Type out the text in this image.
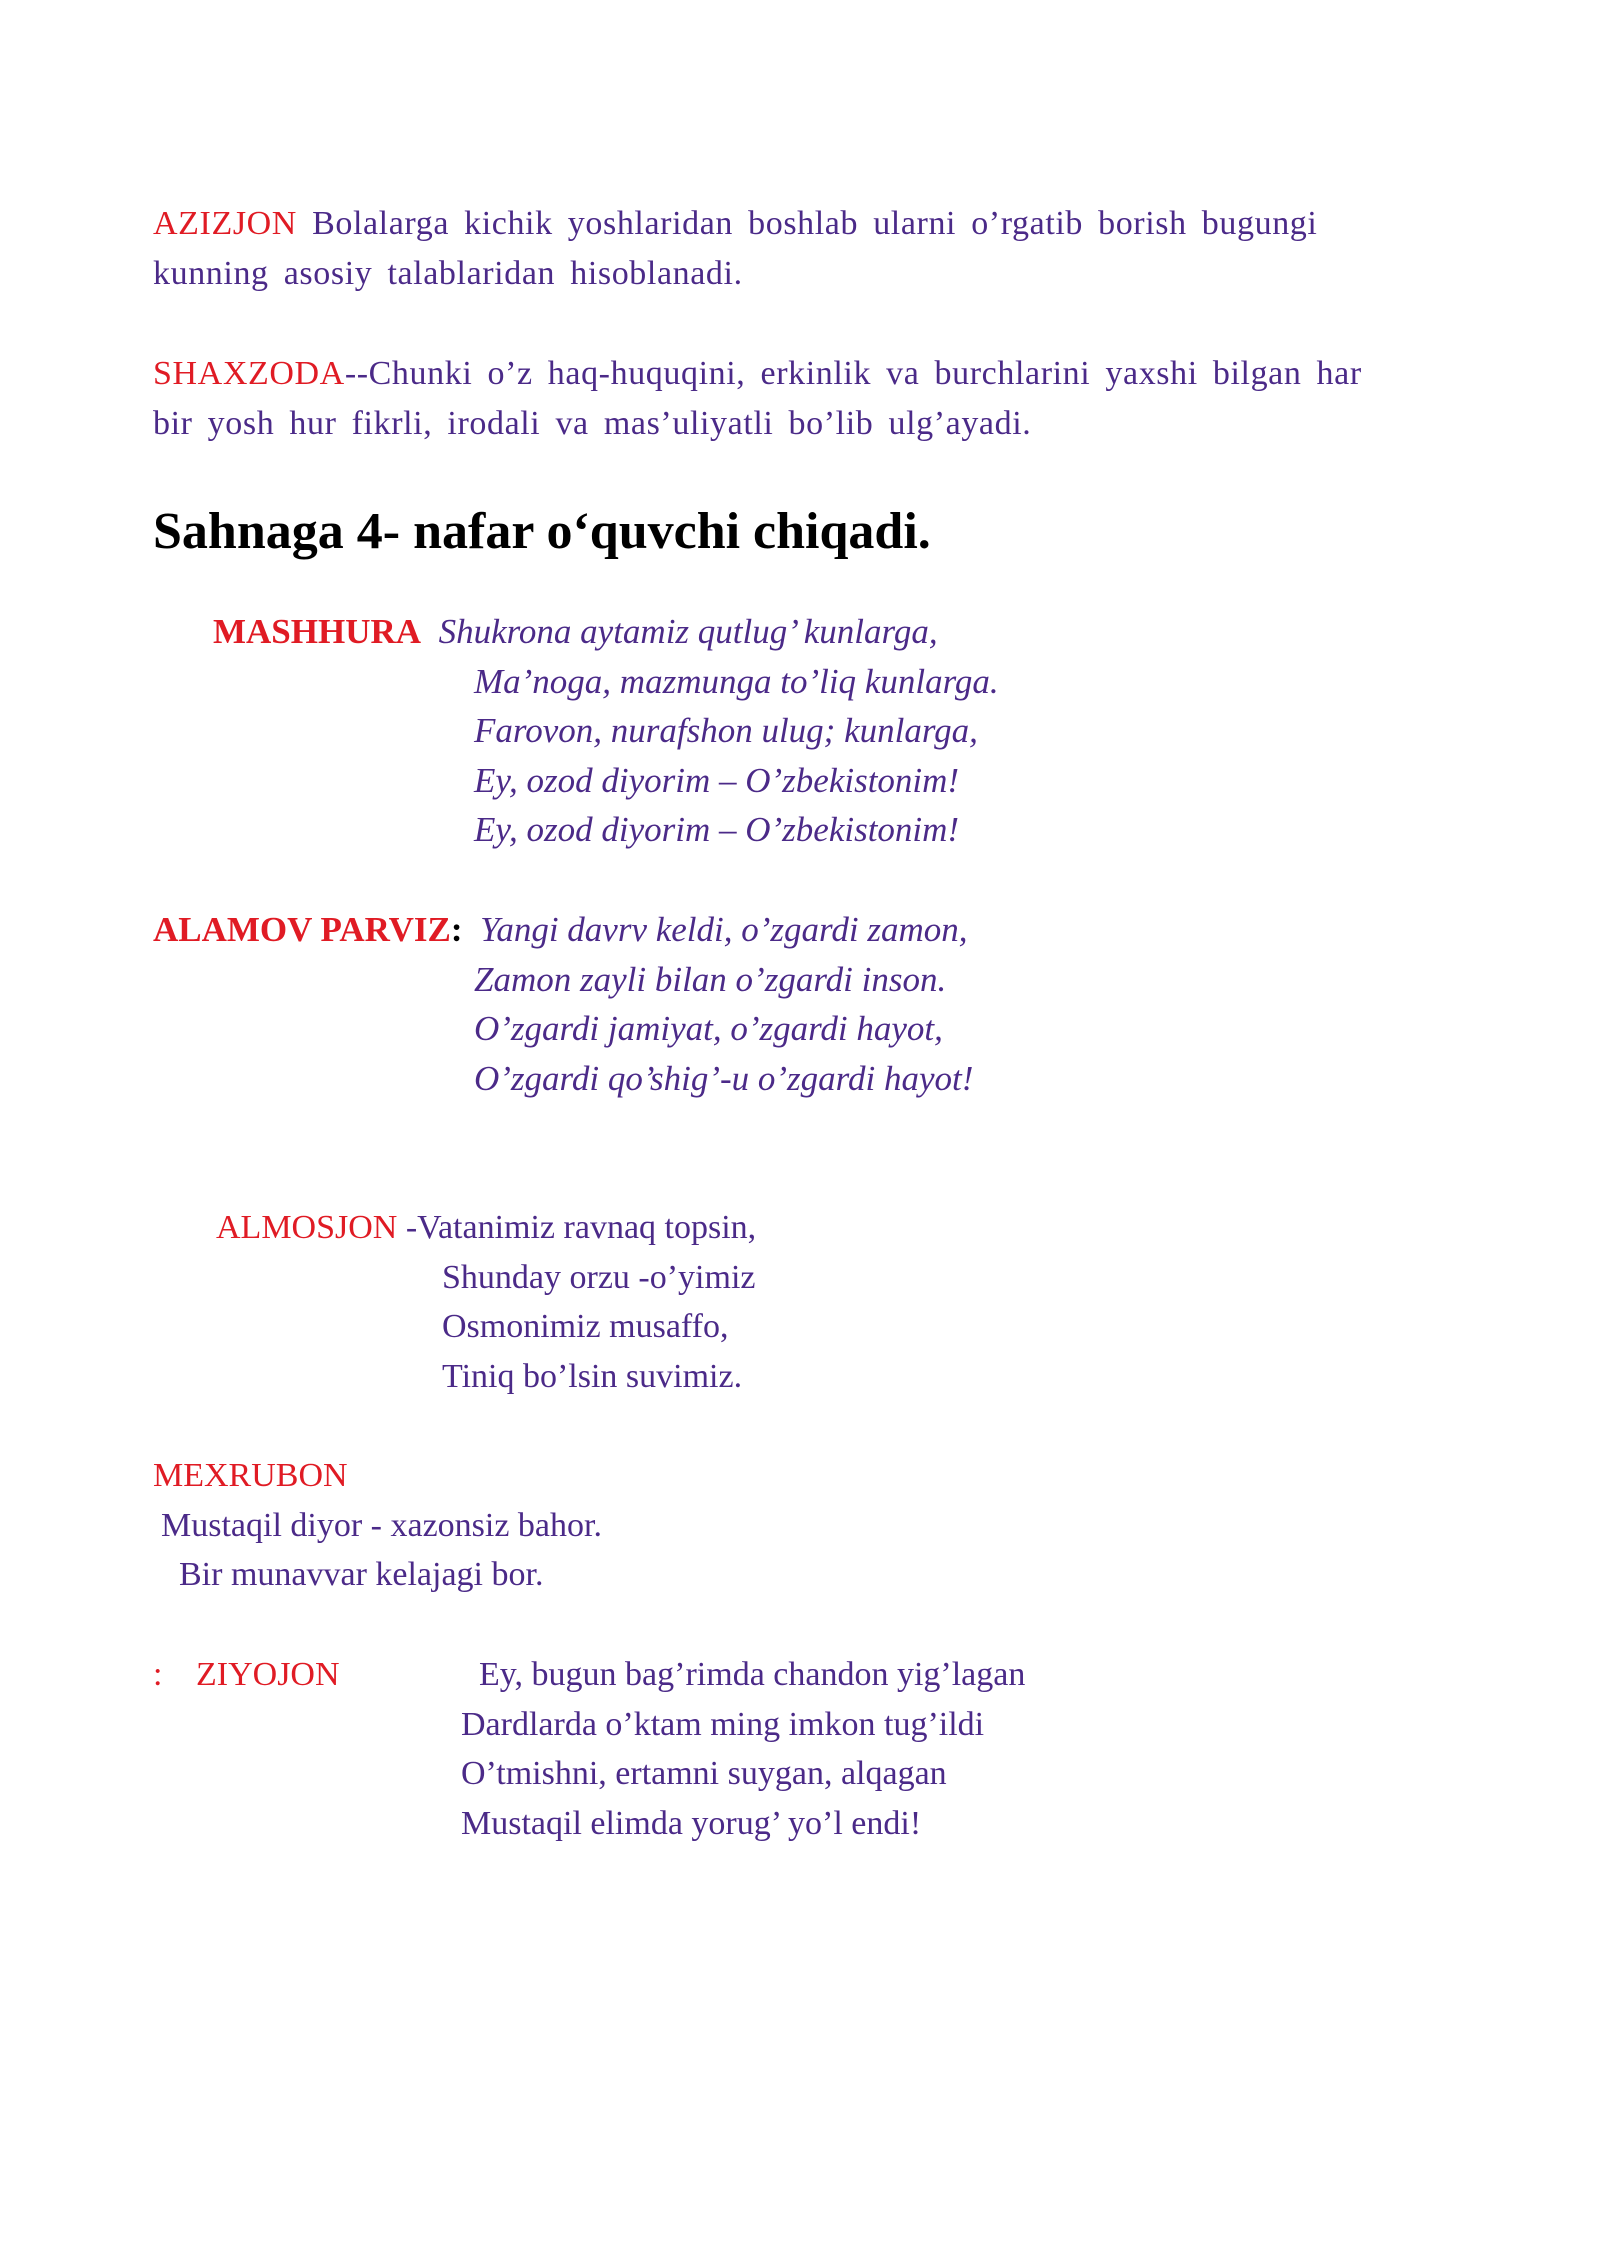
AZIZJON Bolalarga kichik yoshlaridan boshlab ularni o’rgatib borish bugungi

kunning asosiy talablaridan hisoblanadi.

SHAXZODA--Chunki o’z haq-huquqini, erkinlik va burchlarini yaxshi bilgan har

bir yosh hur fikrli, irodali va mas’uliyatli bo’lib ulg’ayadi.

Sahnaga 4- nafar o‘quvchi chiqadi.
MASHHURA Shukrona aytamiz qutlug’ kunlarga,
Ma’noga, mazmunga to’liq kunlarga.
Farovon, nurafshon ulug; kunlarga,
Ey, ozod diyorim – O’zbekistonim!
Ey, ozod diyorim – O’zbekistonim!
ALAMOV PARVIZ: Yangi davrv keldi, o’zgardi zamon,
Zamon zayli bilan o’zgardi inson.
O’zgardi jamiyat, o’zgardi hayot,
O’zgardi qo’shig’-u o’zgardi hayot!
ALMOSJON -Vatanimiz ravnaq topsin,
Shunday orzu -o’yimiz
Osmonimiz musaffo,
Tiniq bo’lsin suvimiz.
MEXRUBON
Mustaqil diyor - xazonsiz bahor.
Bir munavvar kelajagi bor.
: ZIYOJON	Ey, bugun bag’rimda chandon yig’lagan
Dardlarda o’ktam ming imkon tug’ildi
O’tmishni, ertamni suygan, alqagan
Mustaqil elimda yorug’ yo’l endi!
